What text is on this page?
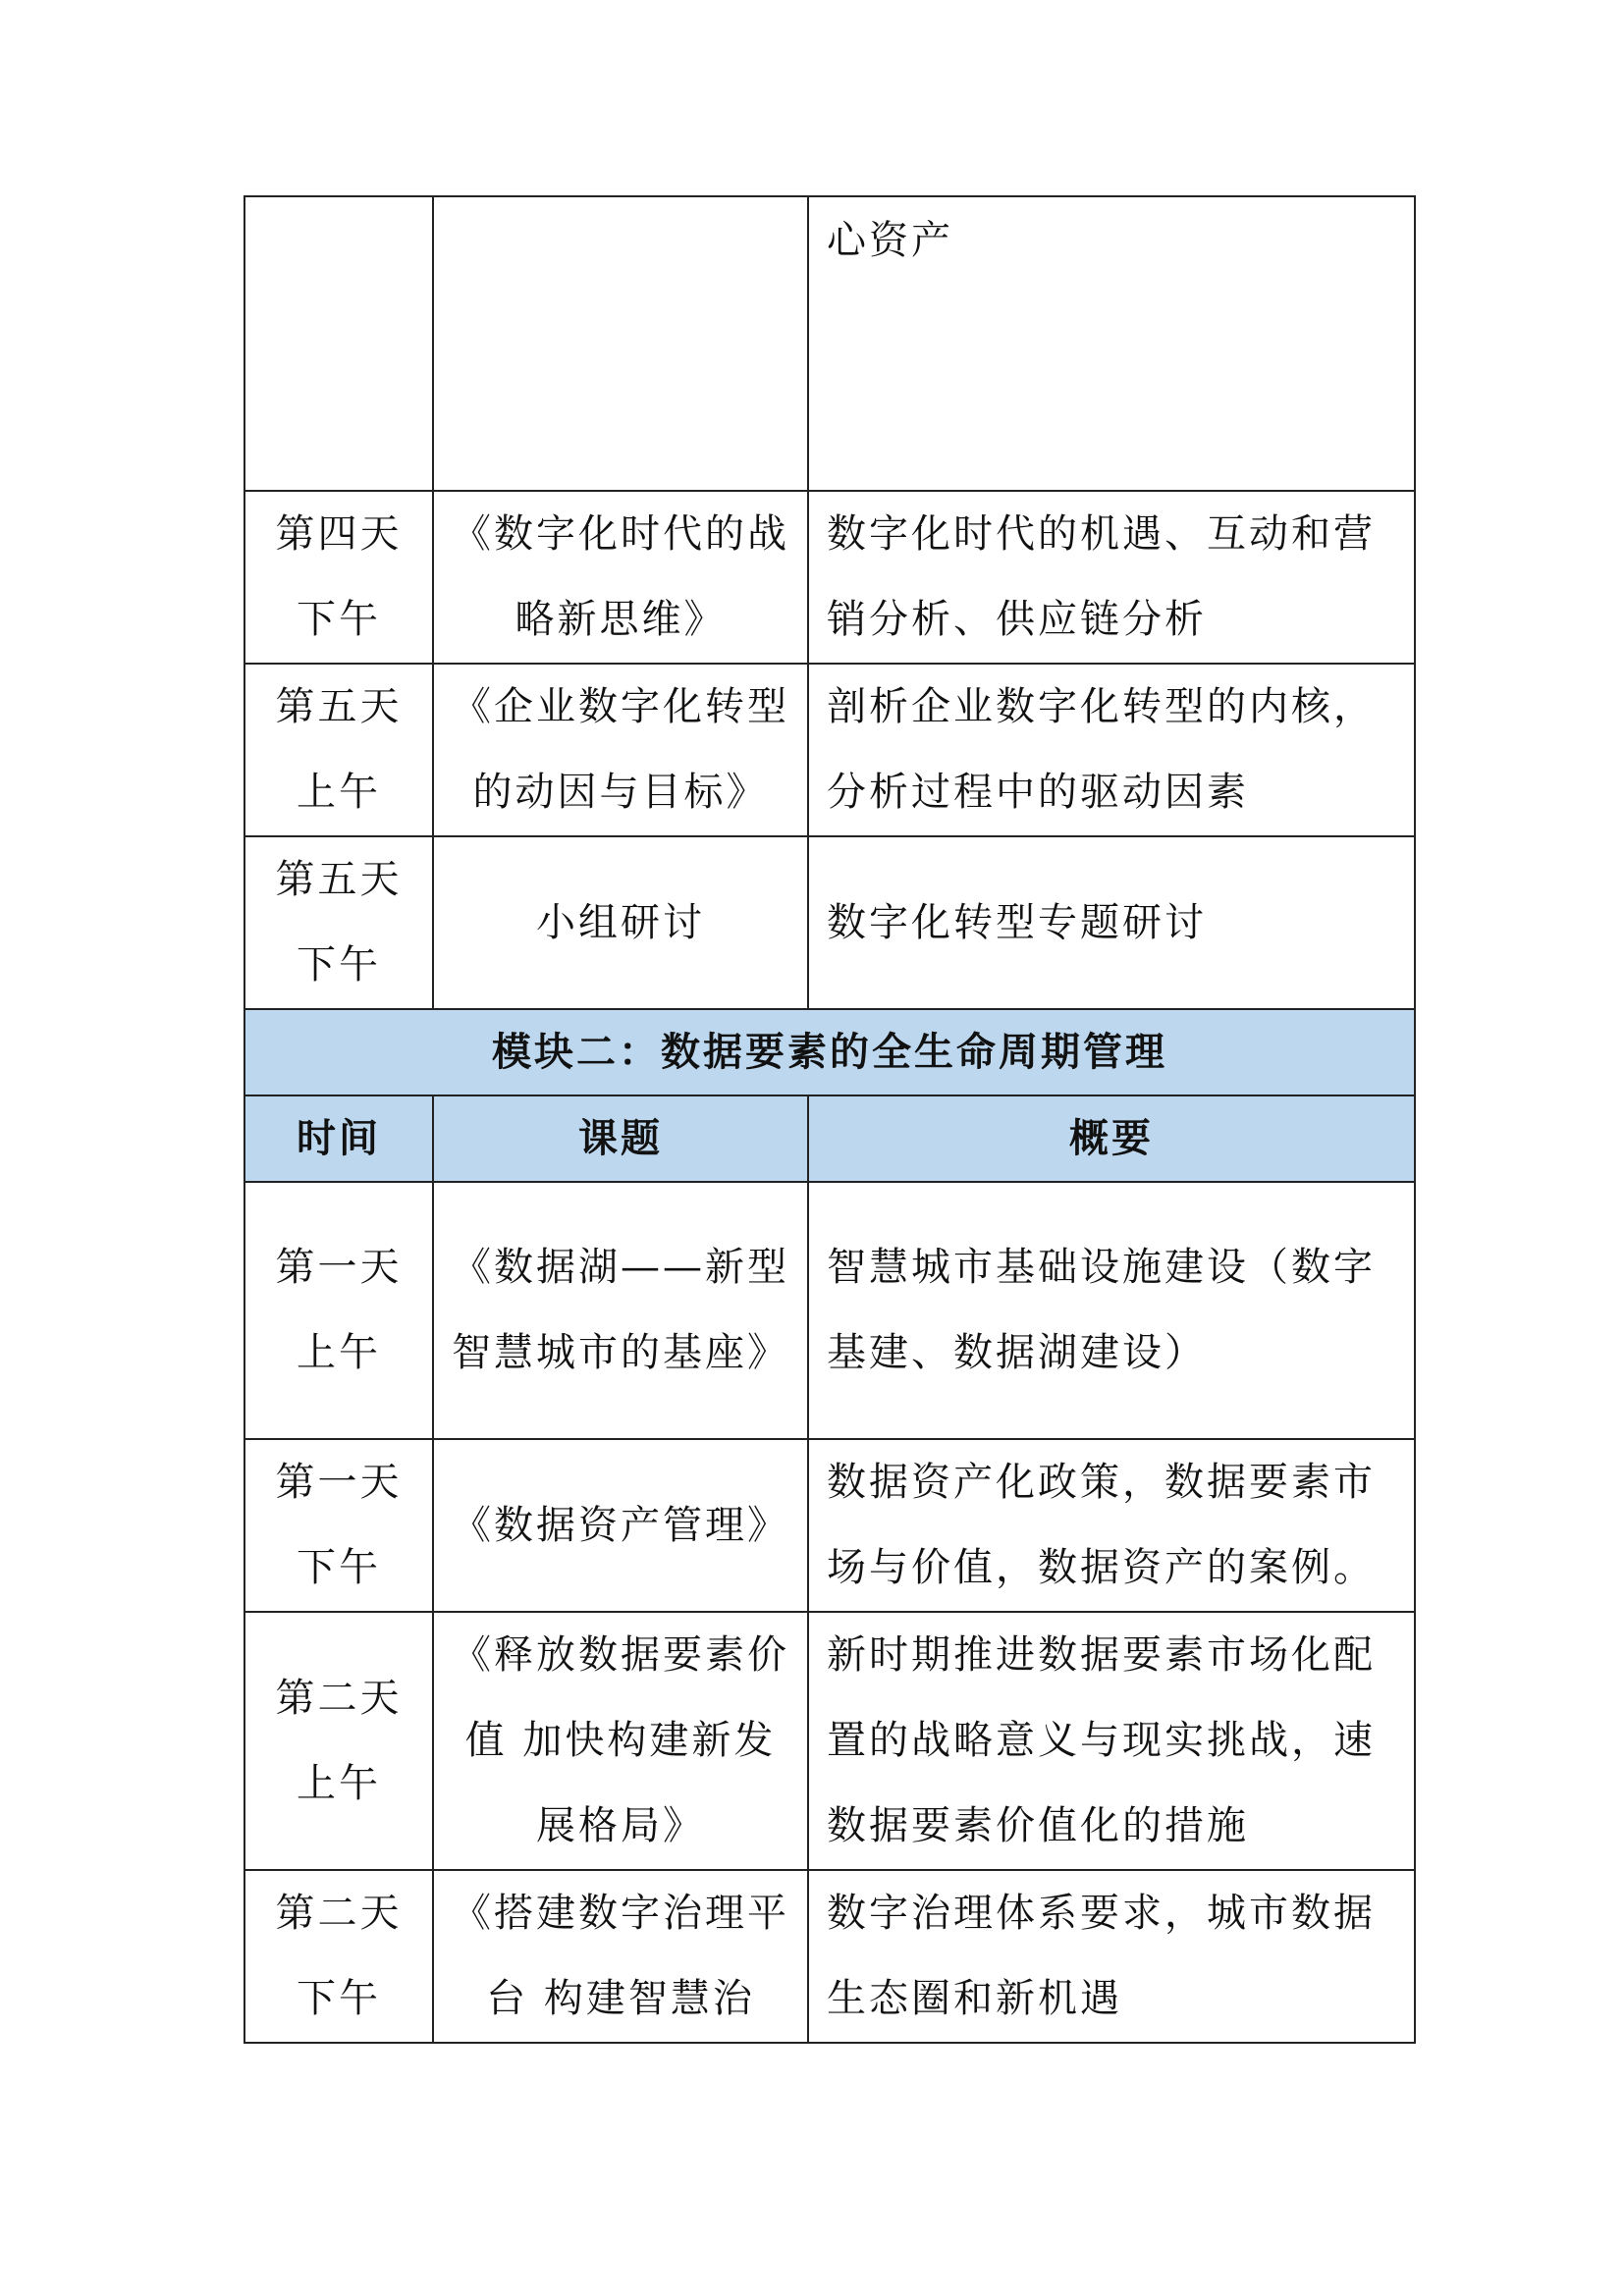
		心资产
第四天下午	《数字化时代的战略新思维》	数字化时代的机遇、互动和营销分析、供应链分析
第五天上午	《企业数字化转型的动因与目标》	剖析企业数字化转型的内核，分析过程中的驱动因素
第五天下午	小组研讨	数字化转型专题研讨
模块二：数据要素的全生命周期管理		
时间	课题	概要
第一天上午	《数据湖——新型智慧城市的基座》	智慧城市基础设施建设（数字基建、数据湖建设）
第一天下午	《数据资产管理》	数据资产化政策，数据要素市场与价值，数据资产的案例。
第二天上午	《释放数据要素价值 加快构建新发展格局》	新时期推进数据要素市场化配置的战略意义与现实挑战，速数据要素价值化的措施
第二天下午	《搭建数字治理平台 构建智慧治	数字治理体系要求，城市数据生态圈和新机遇
